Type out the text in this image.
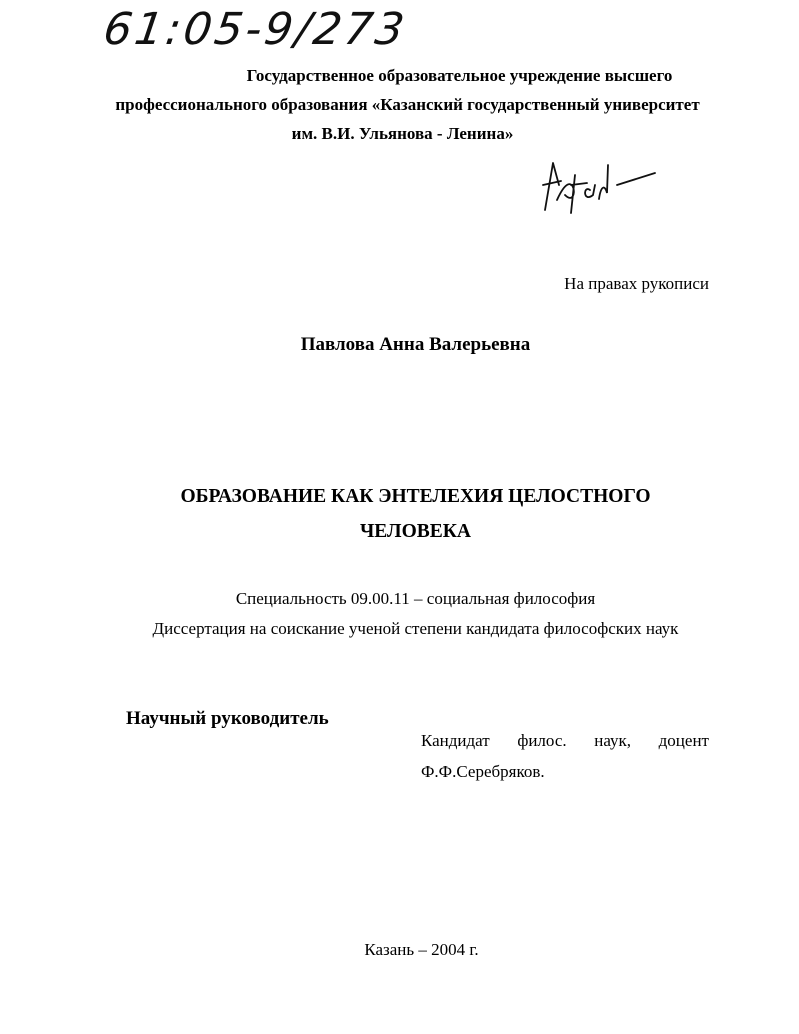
61:05-9/273
Государственное образовательное учреждение высшего
профессионального образования «Казанский государственный университет
им. В.И. Ульянова - Ленина»
На правах рукописи
Павлова Анна Валерьевна
ОБРАЗОВАНИЕ КАК ЭНТЕЛЕХИЯ ЦЕЛОСТНОГО
ЧЕЛОВЕКА
Специальность 09.00.11 – социальная философия
Диссертация на соискание ученой степени кандидата философских наук
Научный руководитель
Кандидат филос. наук, доцент
Ф.Ф.Серебряков.
Казань – 2004 г.
